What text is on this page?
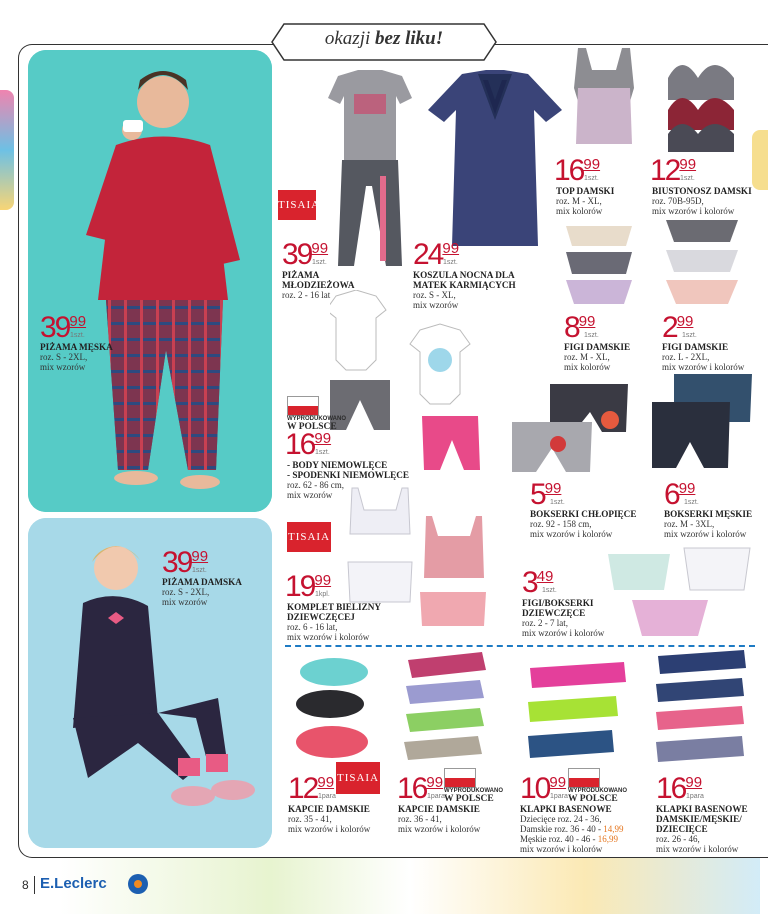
okazji bez liku!
3999
1szt.
PIŻAMA MĘSKA
roz. S - 2XL,
mix wzorów
3999
1szt.
PIŻAMA DAMSKA
roz. S - 2XL,
mix wzorów
TISAIA
3999
1szt.
PIŻAMA
MŁODZIEŻOWA
roz. 2 - 16 lat
2499
1szt.
KOSZULA NOCNA DLA
MATEK KARMIĄCYCH
roz. S - XL,
mix wzorów
1699
1szt.
TOP DAMSKI
roz. M - XL,
mix kolorów
1299
1szt.
BIUSTONOSZ DAMSKI
roz. 70B-95D,
mix wzorów i kolorów
899
1szt.
FIGI DAMSKIE
roz. M - XL,
mix kolorów
299
1szt.
FIGI DAMSKIE
roz. L - 2XL,
mix wzorów i kolorów
WYPRODUKOWANO
W POLSCE
1699
1szt.
- BODY NIEMOWLĘCE
- SPODENKI NIEMOWLĘCE
roz. 62 - 86 cm,
mix wzorów	599
1szt.
BOKSERKI CHŁOPIĘCE
roz. 92 - 158 cm,
mix wzorów i kolorów
699
1szt.
BOKSERKI MĘSKIE
roz. M - 3XL,
mix wzorów i kolorów
TISAIA
1999
1kpl.
KOMPLET BIELIZNY
DZIEWCZĘCEJ
roz. 6 - 16 lat,
mix wzorów i kolorów
349
1szt.
FIGI/BOKSERKI
DZIEWCZĘCE
roz. 2 - 7 lat,
mix wzorów i kolorów
TISAIA
1299
1para
KAPCIE DAMSKIE
roz. 35 - 41,
mix wzorów i kolorów
WYPRODUKOWANO
W POLSCE
1699
1para
KAPCIE DAMSKIE
roz. 36 - 41,
mix wzorów i kolorów
WYPRODUKOWANO
W POLSCE
1099
1para
KLAPKI BASENOWE
Dziecięce roz. 24 - 36,
Damskie roz. 36 - 40 - 14,99
Męskie roz. 40 - 46 - 16,99
mix wzorów i kolorów
1699
1para
KLAPKI BASENOWE
DAMSKIE/MĘSKIE/
DZIECIĘCE
roz. 26 - 46,
mix wzorów i kolorów
8 E.Leclerc
